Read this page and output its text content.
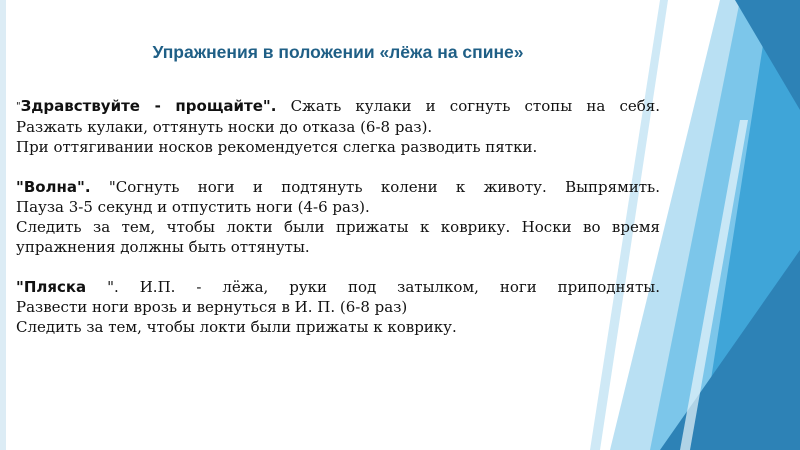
Упражнения в положении «лёжа на спине»
"Здравствуйте - прощайте". Сжать кулаки и согнуть стопы на себя.
Разжать кулаки, оттянуть носки до отказа (6-8 раз).
При оттягивании носков рекомендуется слегка разводить пятки.
"Волна". "Согнуть ноги и подтянуть колени к животу. Выпрямить.
Пауза 3-5 секунд и отпустить ноги (4-6 раз).
Следить за тем, чтобы локти были прижаты к коврику. Носки во время упражнения должны быть оттянуты.
"Пляска ". И.П. - лёжа, руки под затылком, ноги приподняты.
Развести ноги врозь и вернуться в И. П. (6-8 раз)
Следить за тем, чтобы локти были прижаты к коврику.
